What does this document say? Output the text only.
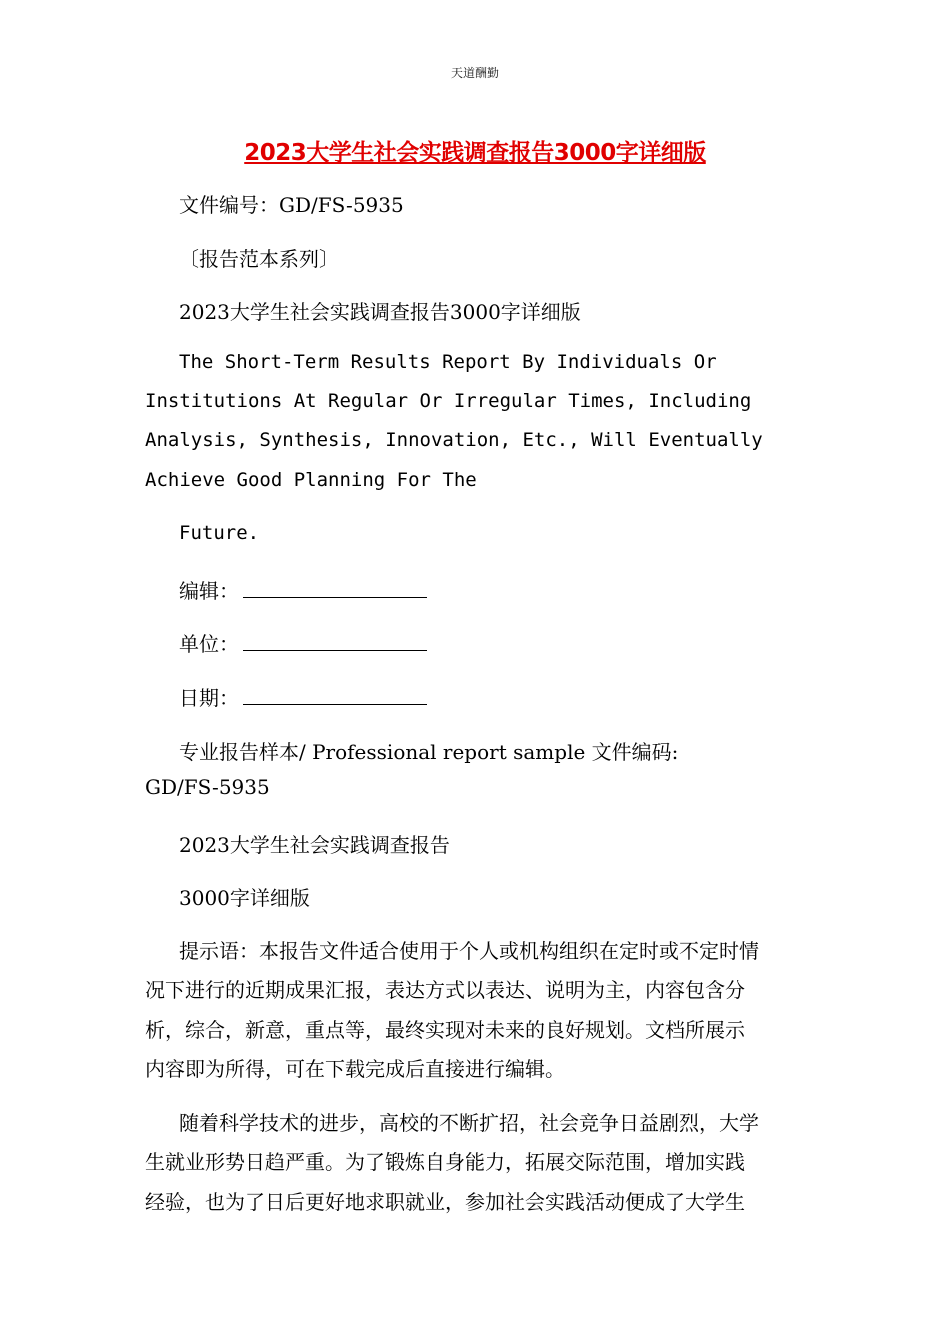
天道酬勤
2023大学生社会实践调查报告3000字详细版
文件编号：GD/FS-5935
〔报告范本系列〕
2023大学生社会实践调查报告3000字详细版
The Short-Term Results Report By Individuals Or
Institutions At Regular Or Irregular Times, Including
Analysis, Synthesis, Innovation, Etc., Will Eventually
Achieve Good Planning For The
Future.
编辑：
单位：
日期：
专业报告样本/ Professional report sample 文件编码:
GD/FS-5935
2023大学生社会实践调查报告
3000字详细版
提示语：本报告文件适合使用于个人或机构组织在定时或不定时情
况下进行的近期成果汇报，表达方式以表达、说明为主，内容包含分
析，综合，新意，重点等，最终实现对未来的良好规划。文档所展示
内容即为所得，可在下载完成后直接进行编辑。
随着科学技术的进步，高校的不断扩招，社会竞争日益剧烈，大学
生就业形势日趋严重。为了锻炼自身能力，拓展交际范围，增加实践
经验，也为了日后更好地求职就业，参加社会实践活动便成了大学生
